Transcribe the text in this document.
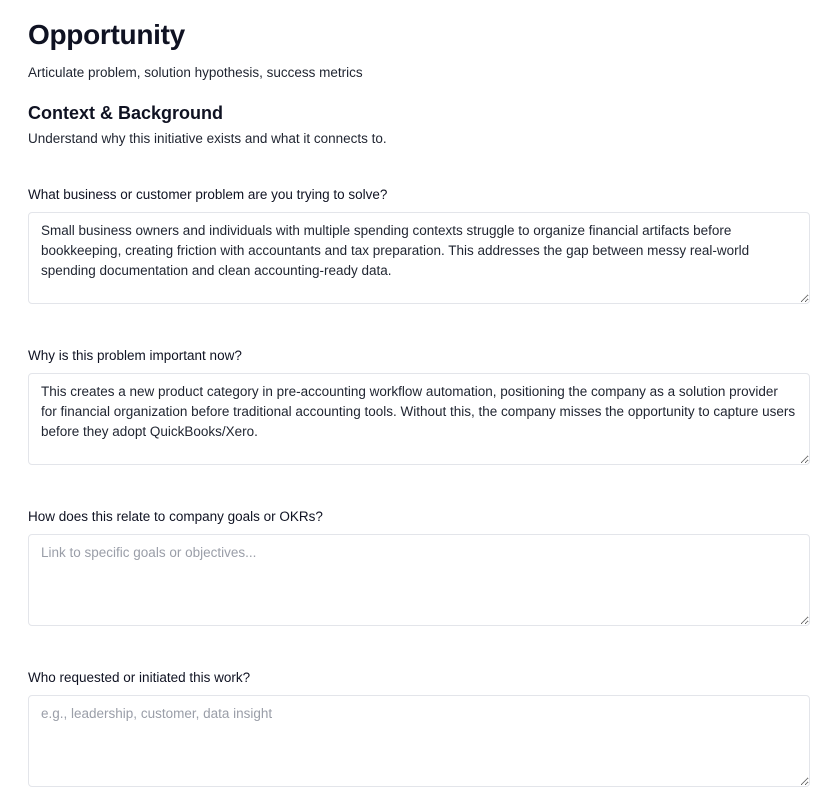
Opportunity
Articulate problem, solution hypothesis, success metrics
Context & Background
Understand why this initiative exists and what it connects to.
What business or customer problem are you trying to solve?
Small business owners and individuals with multiple spending contexts struggle to organize financial artifacts before bookkeeping, creating friction with accountants and tax preparation. This addresses the gap between messy real-world spending documentation and clean accounting-ready data.
Why is this problem important now?
This creates a new product category in pre-accounting workflow automation, positioning the company as a solution provider for financial organization before traditional accounting tools. Without this, the company misses the opportunity to capture users before they adopt QuickBooks/Xero.
How does this relate to company goals or OKRs?
Link to specific goals or objectives...
Who requested or initiated this work?
e.g., leadership, customer, data insight
